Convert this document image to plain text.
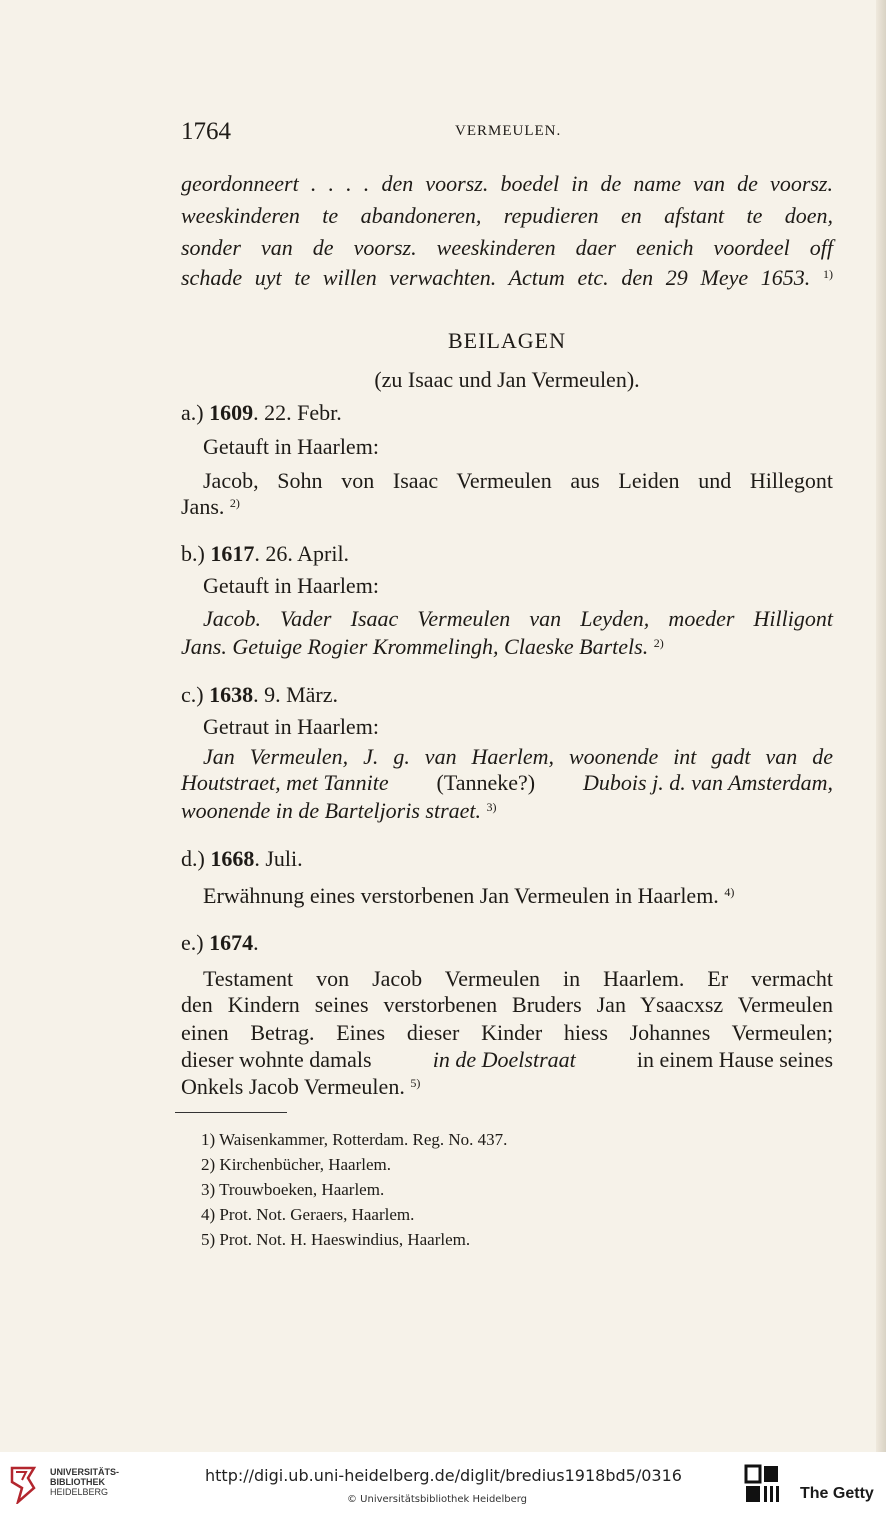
1764	VERMEULEN.
geordonneert . . . . den voorsz. boedel in de name van de voorsz.
weeskinderen te abandoneren, repudieren en afstant te doen,
sonder van de voorsz. weeskinderen daer eenich voordeel off
schade uyt te willen verwachten. Actum etc. den 29 Meye 1653. $^{1)}$
BEILAGEN
(zu Isaac und Jan Vermeulen).
a.) 1609. 22. Febr.
Getauft in Haarlem:
Jacob, Sohn von Isaac Vermeulen aus Leiden und Hillegont
Jans. $^{2)}$
b.) 1617. 26. April.
Getauft in Haarlem:
Jacob. Vader Isaac Vermeulen van Leyden, moeder Hilligont
Jans. Getuige Rogier Krommelingh, Claeske Bartels. $^{2)}$
c.) 1638. 9. März.
Getraut in Haarlem:
Jan Vermeulen, J. g. van Haerlem, woonende int gadt van de
Houtstraet, met Tannite (Tanneke?) Dubois j. d. van Amsterdam,
woonende in de Barteljoris straet. $^{3)}$
d.) 1668. Juli.
Erwähnung eines verstorbenen Jan Vermeulen in Haarlem. $^{4)}$
e.) 1674.
Testament von Jacob Vermeulen in Haarlem. Er vermacht
den Kindern seines verstorbenen Bruders Jan Ysaacxsz Vermeulen
einen Betrag. Eines dieser Kinder hiess Johannes Vermeulen;
dieser wohnte damals	in de Doelstraat	in einem Hause seines
Onkels Jacob Vermeulen. $^{5)}$
1) Waisenkammer, Rotterdam. Reg. No. 437.
2) Kirchenbücher, Haarlem.
3) Trouwboeken, Haarlem.
4) Prot. Not. Geraers, Haarlem.
5) Prot. Not. H. Haeswindius, Haarlem.
UNIVERSITÄTS-
BIBLIOTHEK
HEIDELBERG
http://digi.ub.uni-heidelberg.de/diglit/bredius1918bd5/0316
© Universitätsbibliothek Heidelberg	The Getty
